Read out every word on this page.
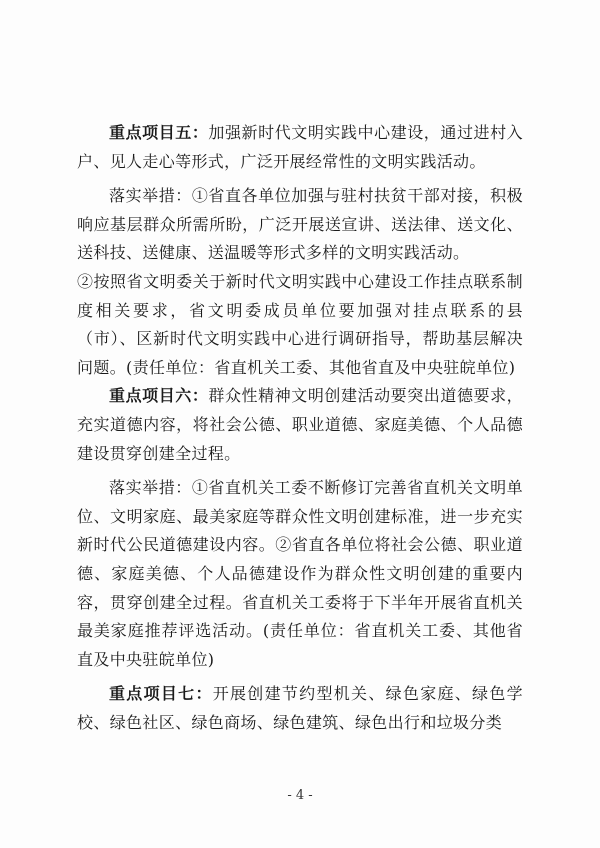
重点项目五：加强新时代文明实践中心建设，通过进村入户、见人走心等形式，广泛开展经常性的文明实践活动。

落实举措：①省直各单位加强与驻村扶贫干部对接，积极响应基层群众所需所盼，广泛开展送宣讲、送法律、送文化、送科技、送健康、送温暖等形式多样的文明实践活动。

②按照省文明委关于新时代文明实践中心建设工作挂点联系制度相关要求，省文明委成员单位要加强对挂点联系的县（市）、区新时代文明实践中心进行调研指导，帮助基层解决问题。(责任单位：省直机关工委、其他省直及中央驻皖单位)

重点项目六：群众性精神文明创建活动要突出道德要求，充实道德内容，将社会公德、职业道德、家庭美德、个人品德建设贯穿创建全过程。

落实举措：①省直机关工委不断修订完善省直机关文明单位、文明家庭、最美家庭等群众性文明创建标准，进一步充实新时代公民道德建设内容。②省直各单位将社会公德、职业道德、家庭美德、个人品德建设作为群众性文明创建的重要内容，贯穿创建全过程。省直机关工委将于下半年开展省直机关最美家庭推荐评选活动。(责任单位：省直机关工委、其他省直及中央驻皖单位)

重点项目七：开展创建节约型机关、绿色家庭、绿色学校、绿色社区、绿色商场、绿色建筑、绿色出行和垃圾分类

- 4 -
